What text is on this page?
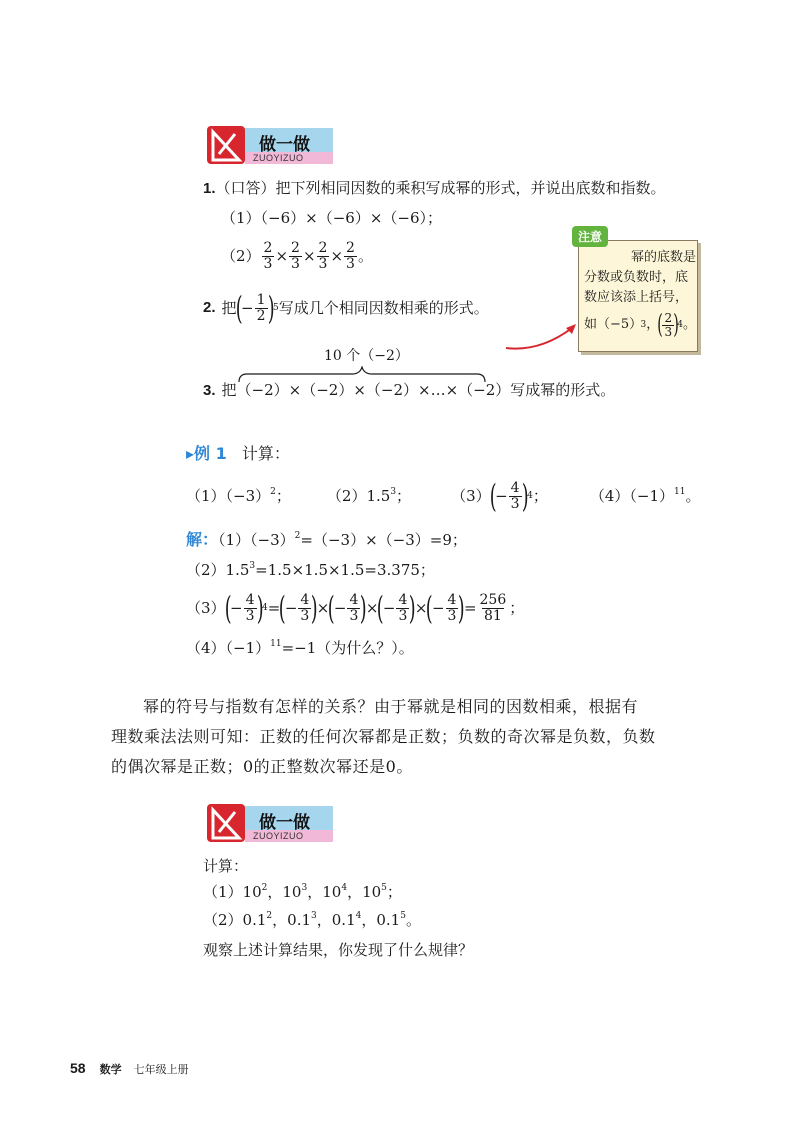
做一做
ZUOYIZUO
1.（口答）把下列相同因数的乘积写成幂的形式，并说出底数和指数。
（1）（−6）×（−6）×（−6）；
$(2) \frac{2}{3} \times \frac{2}{3} \times \frac{2}{3} \times \frac{2}{3}$ 。
2. 把
(
− $\frac{1}{2}$ )
5 写成几个相同因数相乘的形式。
10 个（−2）
3. 把（−2）×（−2）×（−2）×…×（−2）写成幂的形式。
注意
幂的底数是
分数或负数时，底
数应该添上括号，
如（−5）
3 ，
( $\frac{2}{3}$ )
4 。
▸例 1 计算：
$(1)(-3)^2$； $(2)1.5^3$；	（3）
(
− $\frac{4}{3}$ )
4 ；	$(4)(-1)^{11}$。
解：$(1)(-3)^2=(-3)\times(-3)=9$；
$(2)1.5^3=1.5\times 1.5\times 1.5=3.375$；
（3）
(
− $\frac{4}{3}$ )
4 =
(
− $\frac{4}{3}$ )
×
(
− $\frac{4}{3}$ )
×
(
− $\frac{4}{3}$ )
×
(
− $\frac{4}{3}$ )
= $\frac{256}{81}$ ；
$(4)(-1)^{11}=-1$（为什么？）。
幂的符号与指数有怎样的关系？由于幂就是相同的因数相乘，根据有
理数乘法法则可知：正数的任何次幂都是正数；负数的奇次幂是负数，负数
的偶次幂是正数；0的正整数次幂还是0。
做一做
ZUOYIZUO
计算：
$(1)10^2$，$10^3$，$10^4$，$10^5$；
$(2)0.1^2$，$0.1^3$，$0.1^4$，$0.1^5$。
观察上述计算结果，你发现了什么规律？
58 数学 七年级上册
